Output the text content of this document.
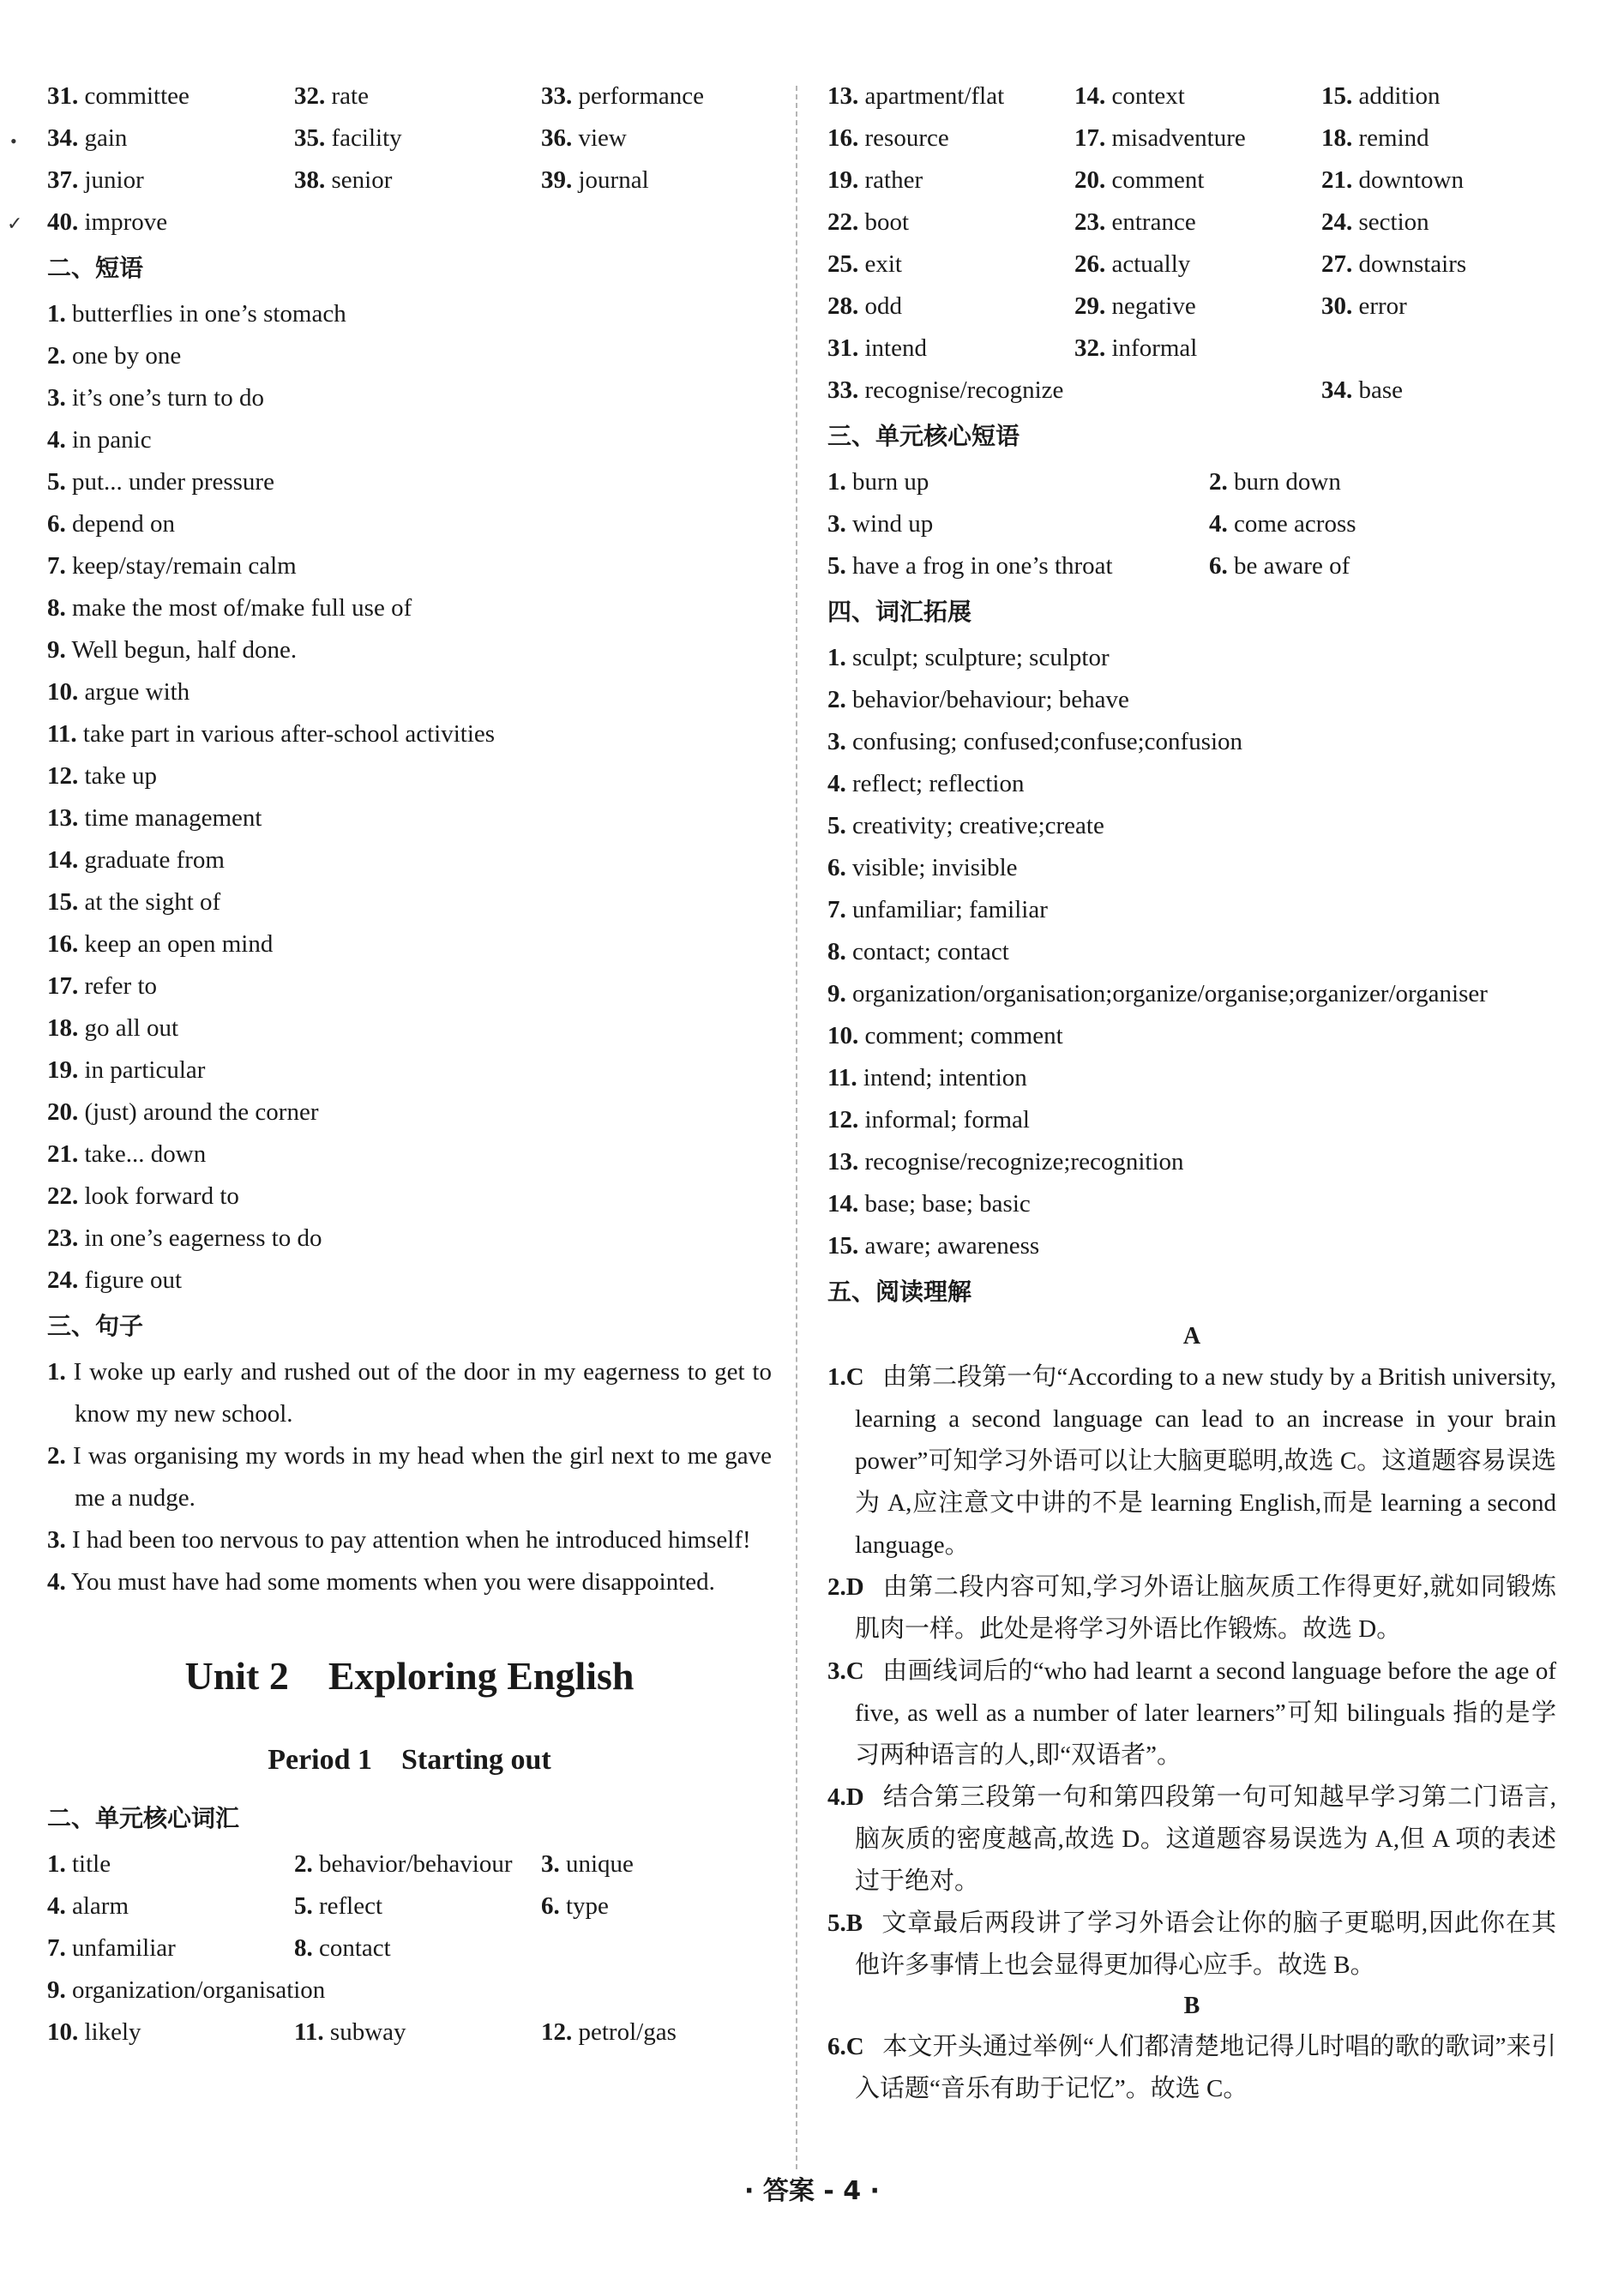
31. committee	32. rate	33. performance
34. gain	35. facility	36. view
37. junior	38. senior	39. journal
40. improve
二、短语
1. butterflies in one’s stomach
2. one by one
3. it’s one’s turn to do
4. in panic
5. put... under pressure
6. depend on
7. keep/stay/remain calm
8. make the most of/make full use of
9. Well begun, half done.
10. argue with
11. take part in various after-school activities
12. take up
13. time management
14. graduate from
15. at the sight of
16. keep an open mind
17. refer to
18. go all out
19. in particular
20. (just) around the corner
21. take... down
22. look forward to
23. in one’s eagerness to do
24. figure out
三、句子
1. I woke up early and rushed out of the door in my eagerness to get to know my new school.
2. I was organising my words in my head when the girl next to me gave me a nudge.
3. I had been too nervous to pay attention when he introduced himself!
4. You must have had some moments when you were disappointed.
Unit 2    Exploring English
Period 1    Starting out
二、单元核心词汇
1. title	2. behavior/behaviour	3. unique
4. alarm	5. reflect	6. type
7. unfamiliar	8. contact
9. organization/organisation
10. likely	11. subway	12. petrol/gas
13. apartment/flat	14. context	15. addition
16. resource	17. misadventure	18. remind
19. rather	20. comment	21. downtown
22. boot	23. entrance	24. section
25. exit	26. actually	27. downstairs
28. odd	29. negative	30. error
31. intend	32. informal
33. recognise/recognize	34. base
三、单元核心短语
1. burn up	2. burn down
3. wind up	4. come across
5. have a frog in one’s throat	6. be aware of
四、词汇拓展
1. sculpt; sculpture; sculptor
2. behavior/behaviour; behave
3. confusing; confused;confuse;confusion
4. reflect; reflection
5. creativity; creative;create
6. visible; invisible
7. unfamiliar; familiar
8. contact; contact
9. organization/organisation;organize/organise;organizer/organiser
10. comment; comment
11. intend; intention
12. informal; formal
13. recognise/recognize;recognition
14. base; base; basic
15. aware; awareness
五、阅读理解
A
1.C 由第二段第一句“According to a new study by a British university, learning a second language can lead to an increase in your brain power”可知学习外语可以让大脑更聪明,故选 C。这道题容易误选为 A,应注意文中讲的不是 learning English,而是 learning a second language。
2.D 由第二段内容可知,学习外语让脑灰质工作得更好,就如同锻炼肌肉一样。此处是将学习外语比作锻炼。故选 D。
3.C 由画线词后的“who had learnt a second language before the age of five, as well as a number of later learners”可知 bilinguals 指的是学习两种语言的人,即“双语者”。
4.D 结合第三段第一句和第四段第一句可知越早学习第二门语言,脑灰质的密度越高,故选 D。这道题容易误选为 A,但 A 项的表述过于绝对。
5.B 文章最后两段讲了学习外语会让你的脑子更聪明,因此你在其他许多事情上也会显得更加得心应手。故选 B。
B
6.C 本文开头通过举例“人们都清楚地记得儿时唱的歌的歌词”来引入话题“音乐有助于记忆”。故选 C。
•
✓
· 答案 - 4 ·
